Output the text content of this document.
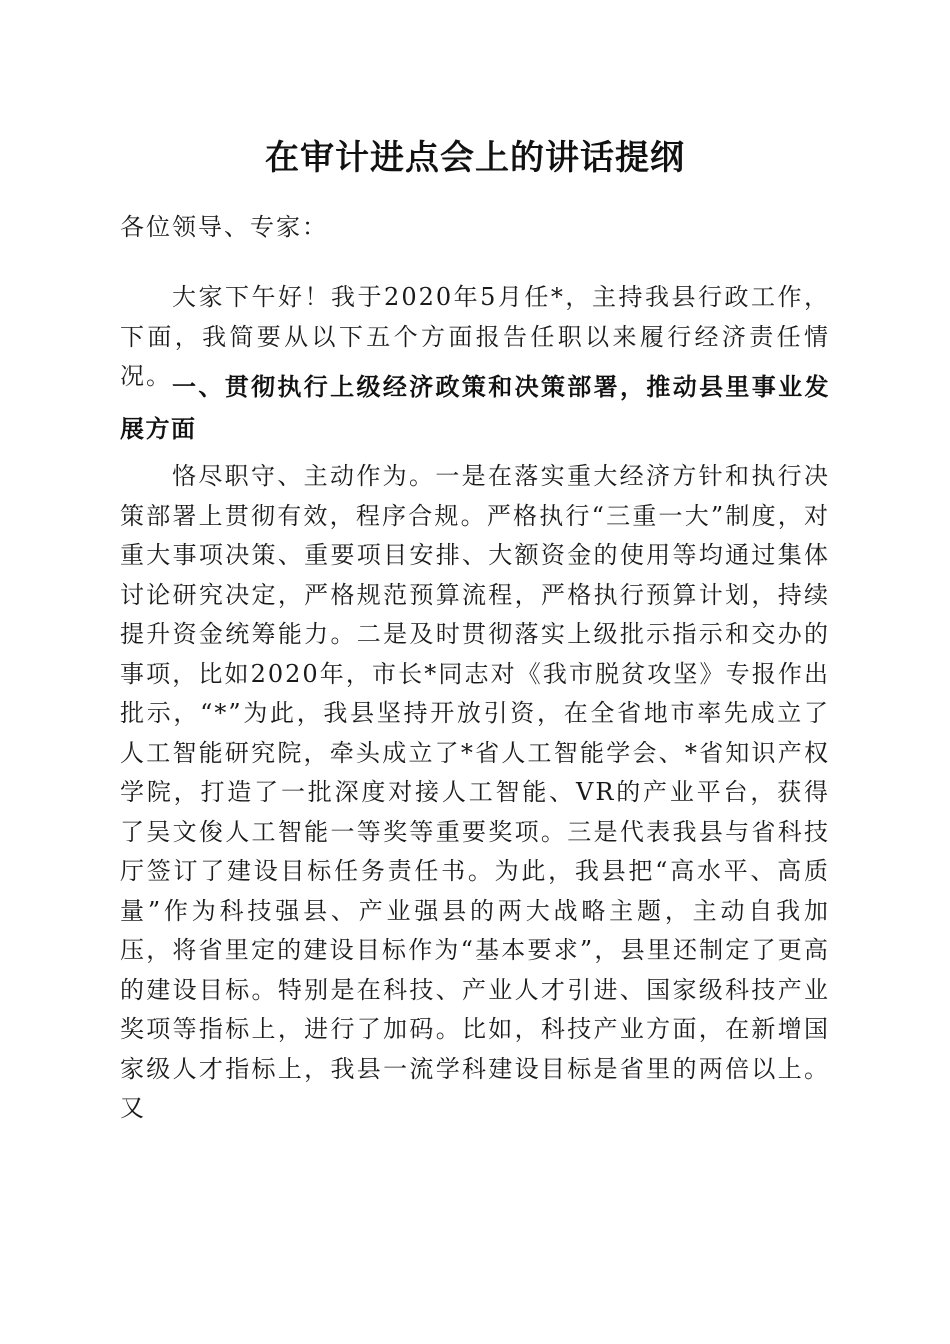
在审计进点会上的讲话提纲

各位领导、专家：

大家下午好！我于2020年5月任*，主持我县行政工作，下面，我简要从以下五个方面报告任职以来履行经济责任情况。 一、贯彻执行上级经济政策和决策部署，推动县里事业发展方面

恪尽职守、主动作为。一是在落实重大经济方针和执行决策部署上贯彻有效，程序合规。严格执行“三重一大”制度，对重大事项决策、重要项目安排、大额资金的使用等均通过集体讨论研究决定，严格规范预算流程，严格执行预算计划，持续提升资金统筹能力。二是及时贯彻落实上级批示指示和交办的事项，比如2020年，市长*同志对《我市脱贫攻坚》专报作出批示，“*”为此，我县坚持开放引资，在全省地市率先成立了人工智能研究院，牵头成立了*省人工智能学会、*省知识产权学院，打造了一批深度对接人工智能、VR的产业平台，获得了吴文俊人工智能一等奖等重要奖项。三是代表我县与省科技厅签订了建设目标任务责任书。为此，我县把“高水平、高质量”作为科技强县、产业强县的两大战略主题，主动自我加压，将省里定的建设目标作为“基本要求”，县里还制定了更高的建设目标。特别是在科技、产业人才引进、国家级科技产业奖项等指标上，进行了加码。比如，科技产业方面，在新增国家级人才指标上，我县一流学科建设目标是省里的两倍以上。又
